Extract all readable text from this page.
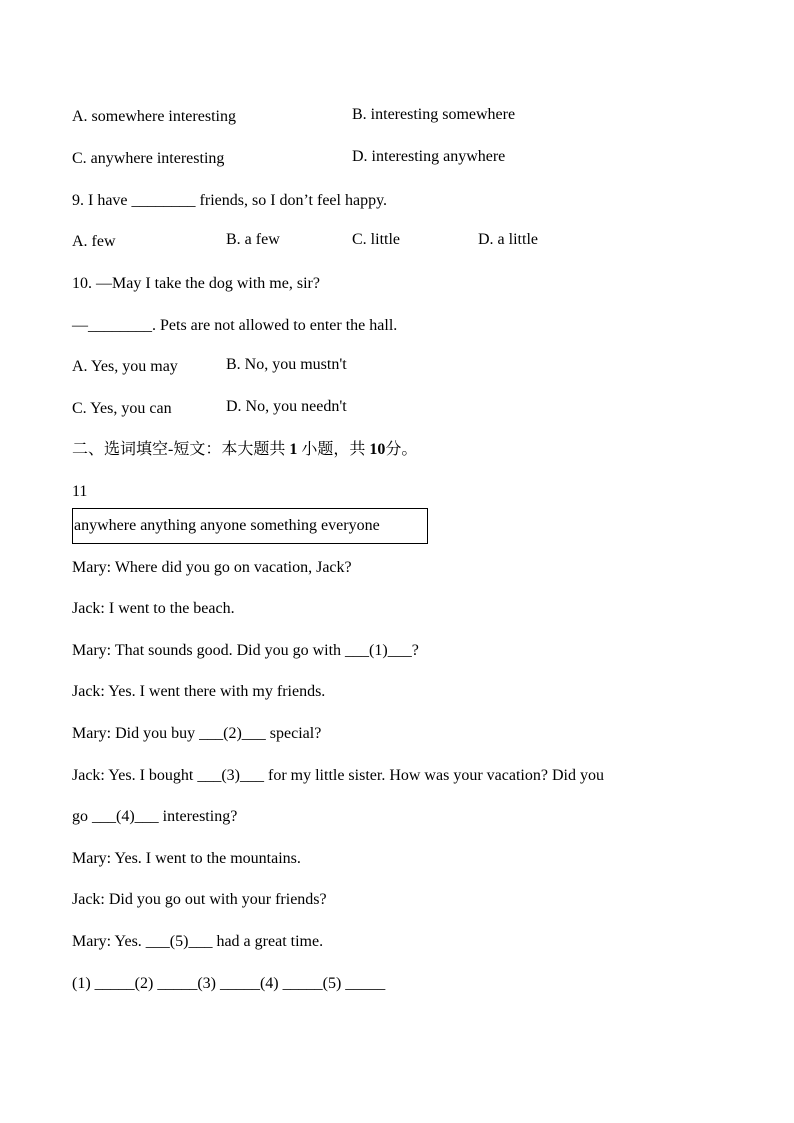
A. somewhere interesting	B. interesting somewhere
C. anywhere interesting	D. interesting anywhere
9. I have ________ friends, so I don’t feel happy.
A. few	B. a few	C. little	D. a little
10. —May I take the dog with me, sir?
—________. Pets are not allowed to enter the hall.
A. Yes, you may	B. No, you mustn't
C. Yes, you can	D. No, you needn't
二、选词填空-短文：本大题共 1 小题，共 10分。
11
anywhere anything anyone something everyone
Mary: Where did you go on vacation, Jack?
Jack: I went to the beach.
Mary: That sounds good. Did you go with ___(1)___?
Jack: Yes. I went there with my friends.
Mary: Did you buy ___(2)___ special?
Jack: Yes. I bought ___(3)___ for my little sister. How was your vacation? Did you
go ___(4)___ interesting?
Mary: Yes. I went to the mountains.
Jack: Did you go out with your friends?
Mary: Yes. ___(5)___ had a great time.
(1) _____(2) _____(3) _____(4) _____(5) _____
